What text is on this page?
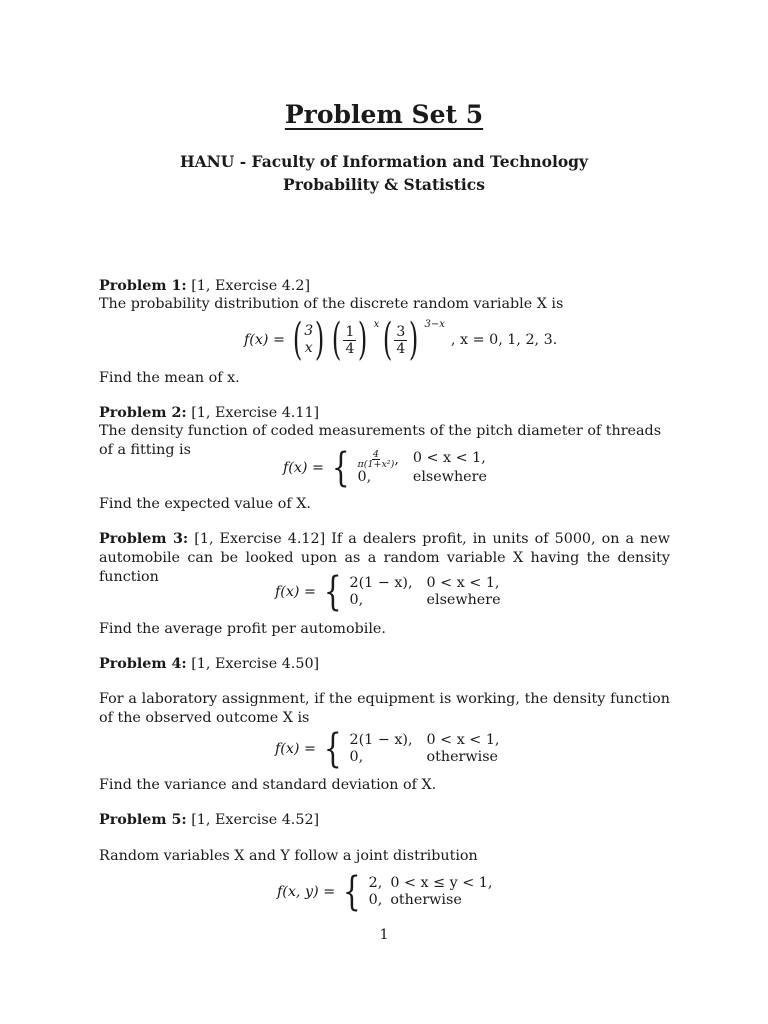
Problem Set 5
HANU - Faculty of Information and Technology
Probability & Statistics
Problem 1: [1, Exercise 4.2]
The probability distribution of the discrete random variable X is
f(x) = ( 3
x ) ( $\frac{1}{4}$ ) x ( $\frac{3}{4}$ ) 3−x
, x = 0, 1, 2, 3.
Find the mean of x.
Problem 2: [1, Exercise 4.11]
The density function of coded measurements of the pitch diameter of threads of a fitting is
f(x) = { $\frac{4}{\text{π(1+x²)}}$ , 0 < x < 1,
0,	elsewhere
Find the expected value of X.
Problem 3: [1, Exercise 4.12] If a dealers profit, in units of 5000, on a new automobile can be looked upon as a random variable X having the density function
f(x) = { 2(1 − x), 0 < x < 1,
0,	elsewhere
Find the average profit per automobile.
Problem 4: [1, Exercise 4.50]
For a laboratory assignment, if the equipment is working, the density function of the observed outcome X is
f(x) = { 2(1 − x), 0 < x < 1,
0,	otherwise
Find the variance and standard deviation of X.
Problem 5: [1, Exercise 4.52]
Random variables X and Y follow a joint distribution
f(x, y) = { 2, 0 < x ≤ y < 1,
0, otherwise
1
